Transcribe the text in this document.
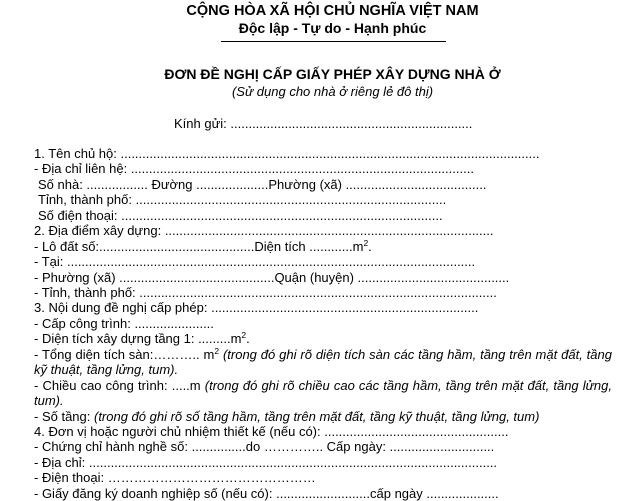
CỘNG HÒA XÃ HỘI CHỦ NGHĨA VIỆT NAM
Độc lập - Tự do - Hạnh phúc
ĐƠN ĐỀ NGHỊ CẤP GIẤY PHÉP XÂY DỰNG NHÀ Ở
(Sử dụng cho nhà ở riêng lẻ đô thị)
Kính gửi: ...................................................................
1. Tên chủ hộ: ....................................................................................................................
- Địa chỉ liên hệ: ...............................................................................................
Số nhà: ................. Đường ....................Phường (xã) .......................................
Tỉnh, thành phố: ......................................................................................
Số điện thoại: .........................................................................................
2. Địa điểm xây dựng: ...........................................................................................
- Lô đất số:...........................................Diện tích $............m^2$.
- Tại: .................................................................................................................
- Phường (xã) ...........................................Quận (huyện) ..........................................
- Tỉnh, thành phố: ...................................................................................................
3. Nội dung đề nghị cấp phép: ..........................................................................
- Cấp công trình: ......................
- Diện tích xây dựng tầng 1: $.........m^2$.
- Tổng diện tích sàn:……….. $m^2$ (trong đó ghi rõ diện tích sàn các tầng hầm, tầng trên mặt đất, tầng kỹ thuật, tầng lửng, tum).
- Chiều cao công trình: .....m (trong đó ghi rõ chiều cao các tầng hầm, tầng trên mặt đất, tầng lửng, tum).
- Số tầng: (trong đó ghi rõ số tầng hầm, tầng trên mặt đất, tầng kỹ thuật, tầng lửng, tum)
4. Đơn vị hoặc người chủ nhiệm thiết kế (nếu có): ...................................................
- Chứng chỉ hành nghề số: ...............do ………….. Cấp ngày: .............................
- Địa chỉ: .................................................................................................................
- Điện thoại: …………………………………………
- Giấy đăng ký doanh nghiệp số (nếu có): ..........................cấp ngày ....................
